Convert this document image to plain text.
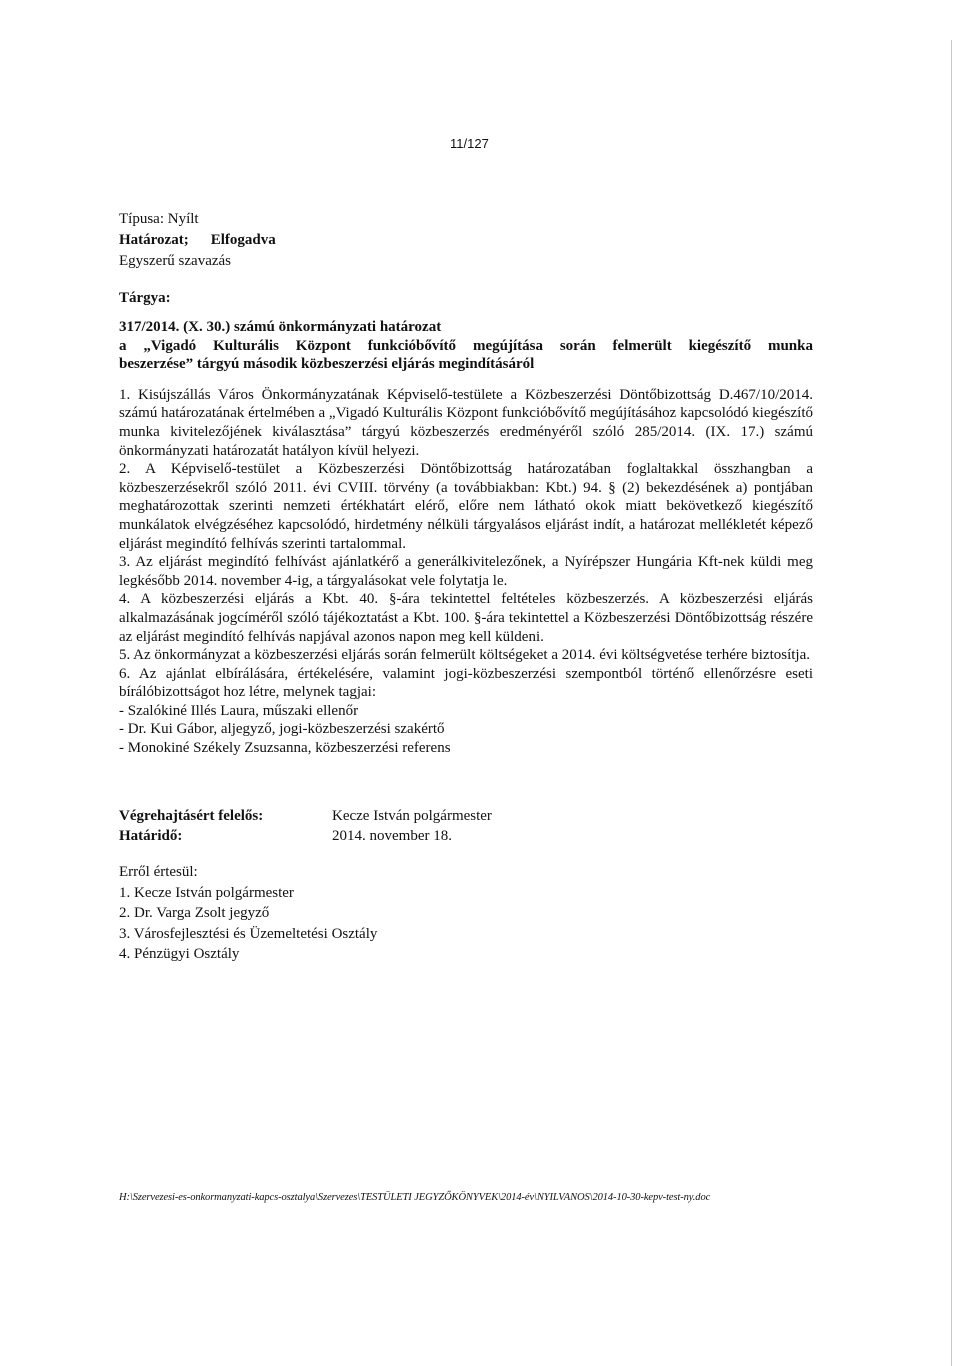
11/127
Típusa: Nyílt
Határozat; Elfogadva
Egyszerű szavazás
Tárgya:

317/2014. (X. 30.) számú önkormányzati határozat

a „Vigadó Kulturális Központ funkcióbővítő megújítása során felmerült kiegészítő munka

beszerzése” tárgyú második közbeszerzési eljárás megindításáról

1. Kisújszállás Város Önkormányzatának Képviselő-testülete a Közbeszerzési Döntőbizottság D.467/10/2014. számú határozatának értelmében a „Vigadó Kulturális Központ funkcióbővítő megújításához kapcsolódó kiegészítő munka kivitelezőjének kiválasztása” tárgyú közbeszerzés eredményéről szóló 285/2014. (IX. 17.) számú önkormányzati határozatát hatályon kívül helyezi.

2. A Képviselő-testület a Közbeszerzési Döntőbizottság határozatában foglaltakkal összhangban a közbeszerzésekről szóló 2011. évi CVIII. törvény (a továbbiakban: Kbt.) 94. § (2) bekezdésének a) pontjában meghatározottak szerinti nemzeti értékhatárt elérő, előre nem látható okok miatt bekövetkező kiegészítő munkálatok elvégzéséhez kapcsolódó, hirdetmény nélküli tárgyalásos eljárást indít, a határozat mellékletét képező eljárást megindító felhívás szerinti tartalommal.

3. Az eljárást megindító felhívást ajánlatkérő a generálkivitelezőnek, a Nyírépszer Hungária Kft-nek küldi meg legkésőbb 2014. november 4-ig, a tárgyalásokat vele folytatja le.

4. A közbeszerzési eljárás a Kbt. 40. §-ára tekintettel feltételes közbeszerzés. A közbeszerzési eljárás alkalmazásának jogcíméről szóló tájékoztatást a Kbt. 100. §-ára tekintettel a Közbeszerzési Döntőbizottság részére az eljárást megindító felhívás napjával azonos napon meg kell küldeni.

5. Az önkormányzat a közbeszerzési eljárás során felmerült költségeket a 2014. évi költségvetése terhére biztosítja.

6. Az ajánlat elbírálására, értékelésére, valamint jogi-közbeszerzési szempontból történő ellenőrzésre eseti bírálóbizottságot hoz létre, melynek tagjai:

- Szalókiné Illés Laura, műszaki ellenőr
- Dr. Kui Gábor, aljegyző, jogi-közbeszerzési szakértő
- Monokiné Székely Zsuzsanna, közbeszerzési referens
Végrehajtásért felelős:	Kecze István polgármester
Határidő:	2014. november 18.
Erről értesül:
1. Kecze István polgármester
2. Dr. Varga Zsolt jegyző
3. Városfejlesztési és Üzemeltetési Osztály
4. Pénzügyi Osztály
H:\Szervezesi-es-onkormanyzati-kapcs-osztalya\Szervezes\TESTÜLETI JEGYZŐKÖNYVEK\2014-év\NYILVANOS\2014-10-30-kepv-test-ny.doc
